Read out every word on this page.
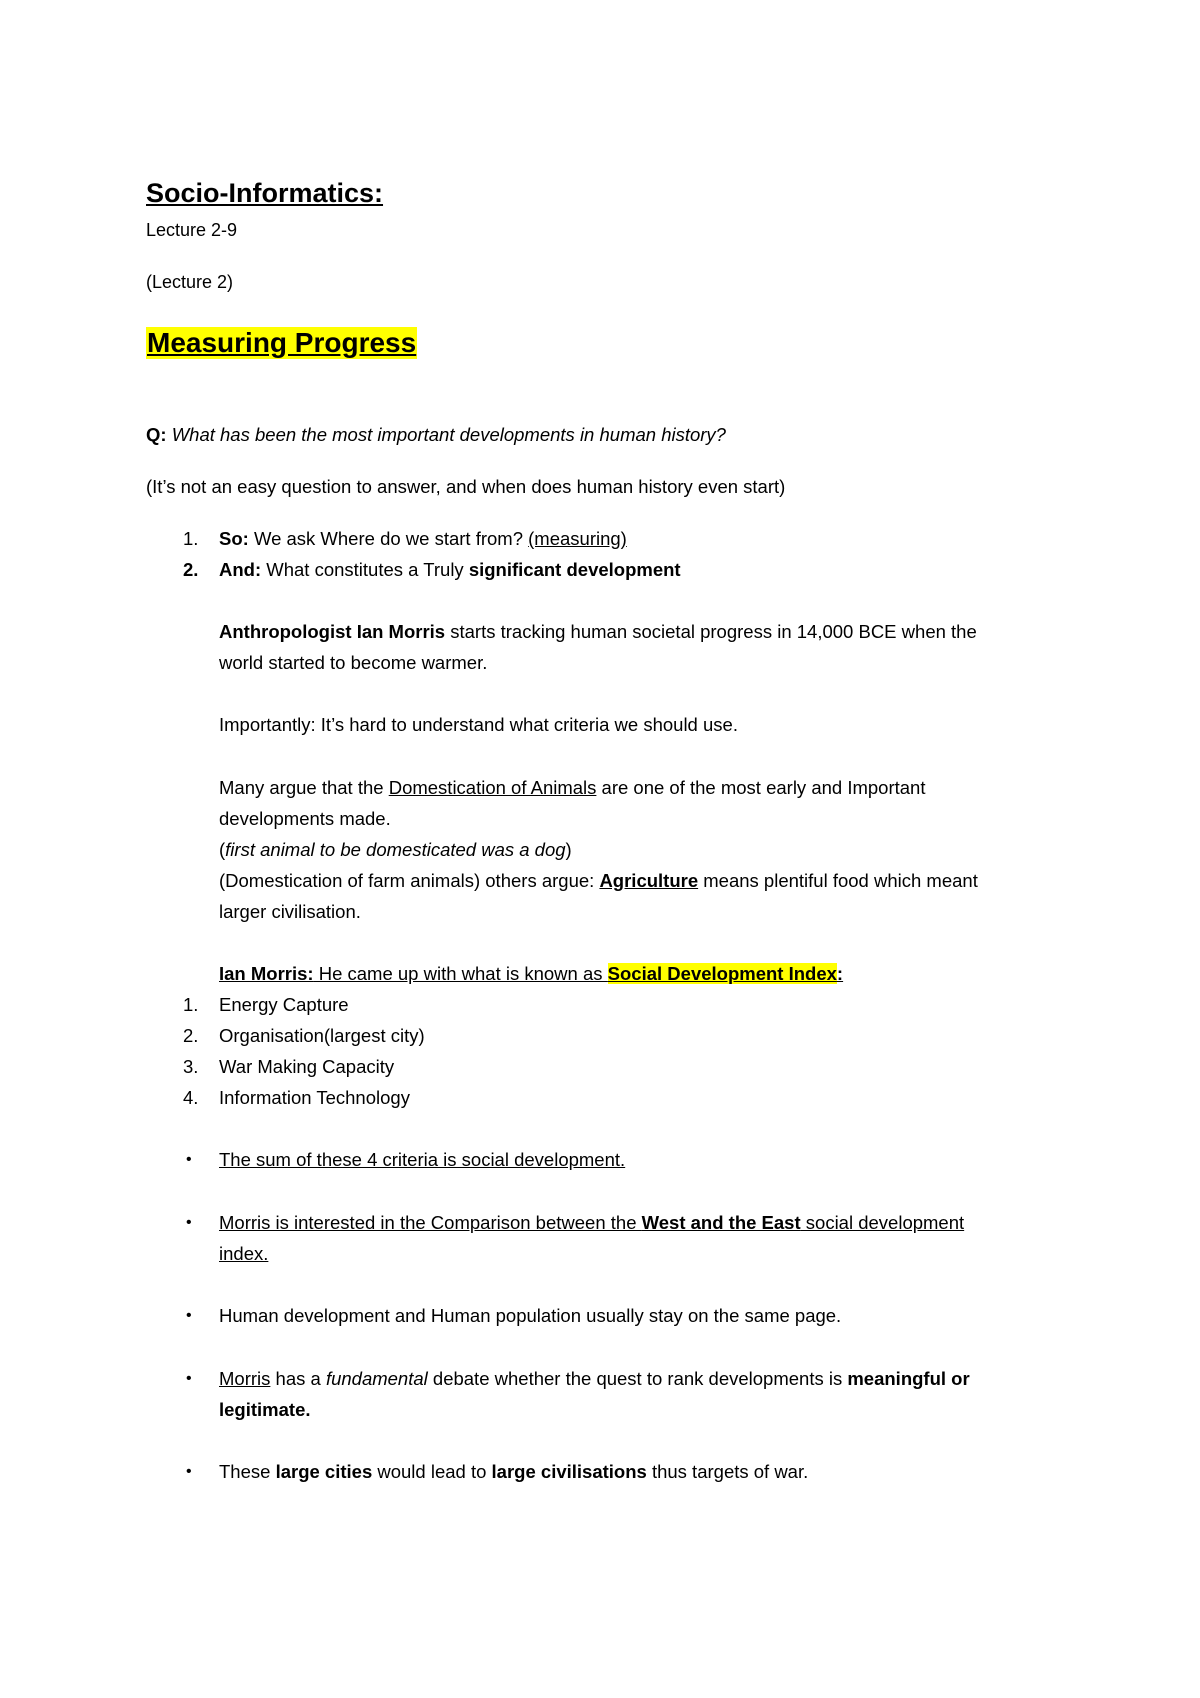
Socio-Informatics:
Lecture 2-9
(Lecture 2)
Measuring Progress
Q: What has been the most important developments in human history?
(It’s not an easy question to answer, and when does human history even start)
1.	So: We ask Where do we start from? (measuring)
2.	And: What constitutes a Truly significant development
Anthropologist Ian Morris starts tracking human societal progress in 14,000 BCE when the
world started to become warmer.
Importantly: It’s hard to understand what criteria we should use.
Many argue that the Domestication of Animals are one of the most early and Important
developments made.
(first animal to be domesticated was a dog)
(Domestication of farm animals) others argue: Agriculture means plentiful food which meant
larger civilisation.
Ian Morris: He came up with what is known as Social Development Index:
1.	Energy Capture
2.	Organisation(largest city)
3.	War Making Capacity
4.	Information Technology
• The sum of these 4 criteria is social development.
• Morris is interested in the Comparison between the West and the East social development
index.
• Human development and Human population usually stay on the same page.
• Morris has a fundamental debate whether the quest to rank developments is meaningful or
legitimate.
• These large cities would lead to large civilisations thus targets of war.
